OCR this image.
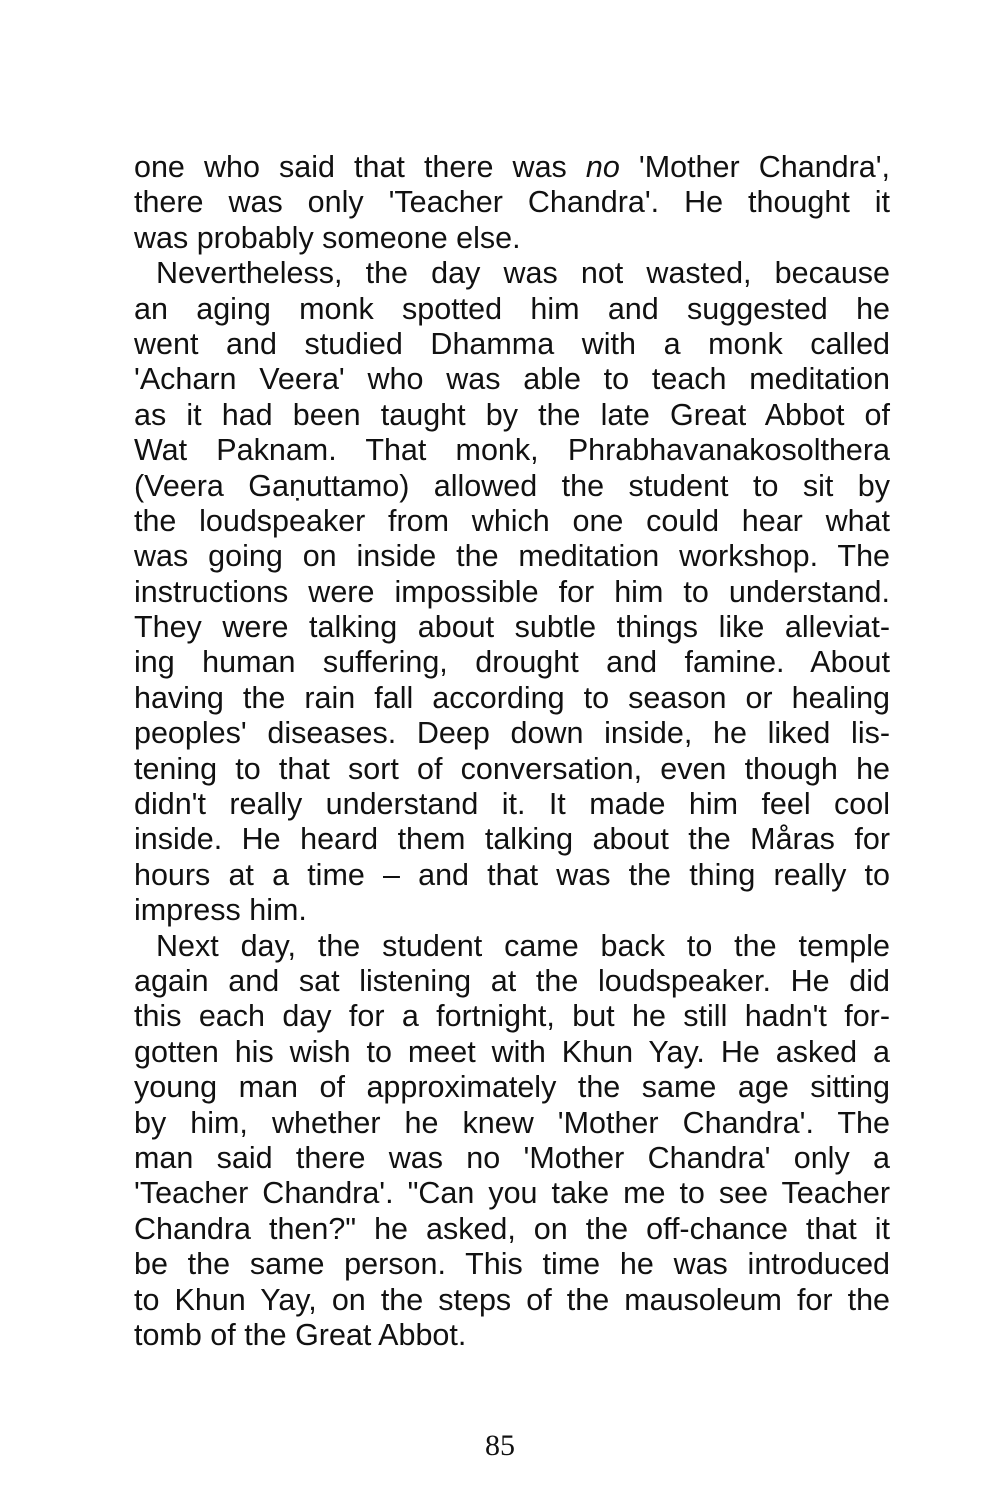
one who said that there was no 'Mother Chandra',
there was only 'Teacher Chandra'. He thought it
was probably someone else.
Nevertheless, the day was not wasted, because
an aging monk spotted him and suggested he
went and studied Dhamma with a monk called
'Acharn Veera' who was able to teach meditation
as it had been taught by the late Great Abbot of
Wat Paknam. That monk, Phrabhavanakosolthera
(Veera Gaṇuttamo) allowed the student to sit by
the loudspeaker from which one could hear what
was going on inside the meditation workshop. The
instructions were impossible for him to understand.
They were talking about subtle things like alleviat-
ing human suffering, drought and famine. About
having the rain fall according to season or healing
peoples' diseases. Deep down inside, he liked lis-
tening to that sort of conversation, even though he
didn't really understand it. It made him feel cool
inside. He heard them talking about the Måras for
hours at a time – and that was the thing really to
impress him.
Next day, the student came back to the temple
again and sat listening at the loudspeaker. He did
this each day for a fortnight, but he still hadn't for-
gotten his wish to meet with Khun Yay. He asked a
young man of approximately the same age sitting
by him, whether he knew 'Mother Chandra'. The
man said there was no 'Mother Chandra' only a
'Teacher Chandra'. "Can you take me to see Teacher
Chandra then?" he asked, on the off-chance that it
be the same person. This time he was introduced
to Khun Yay, on the steps of the mausoleum for the
tomb of the Great Abbot.
85
